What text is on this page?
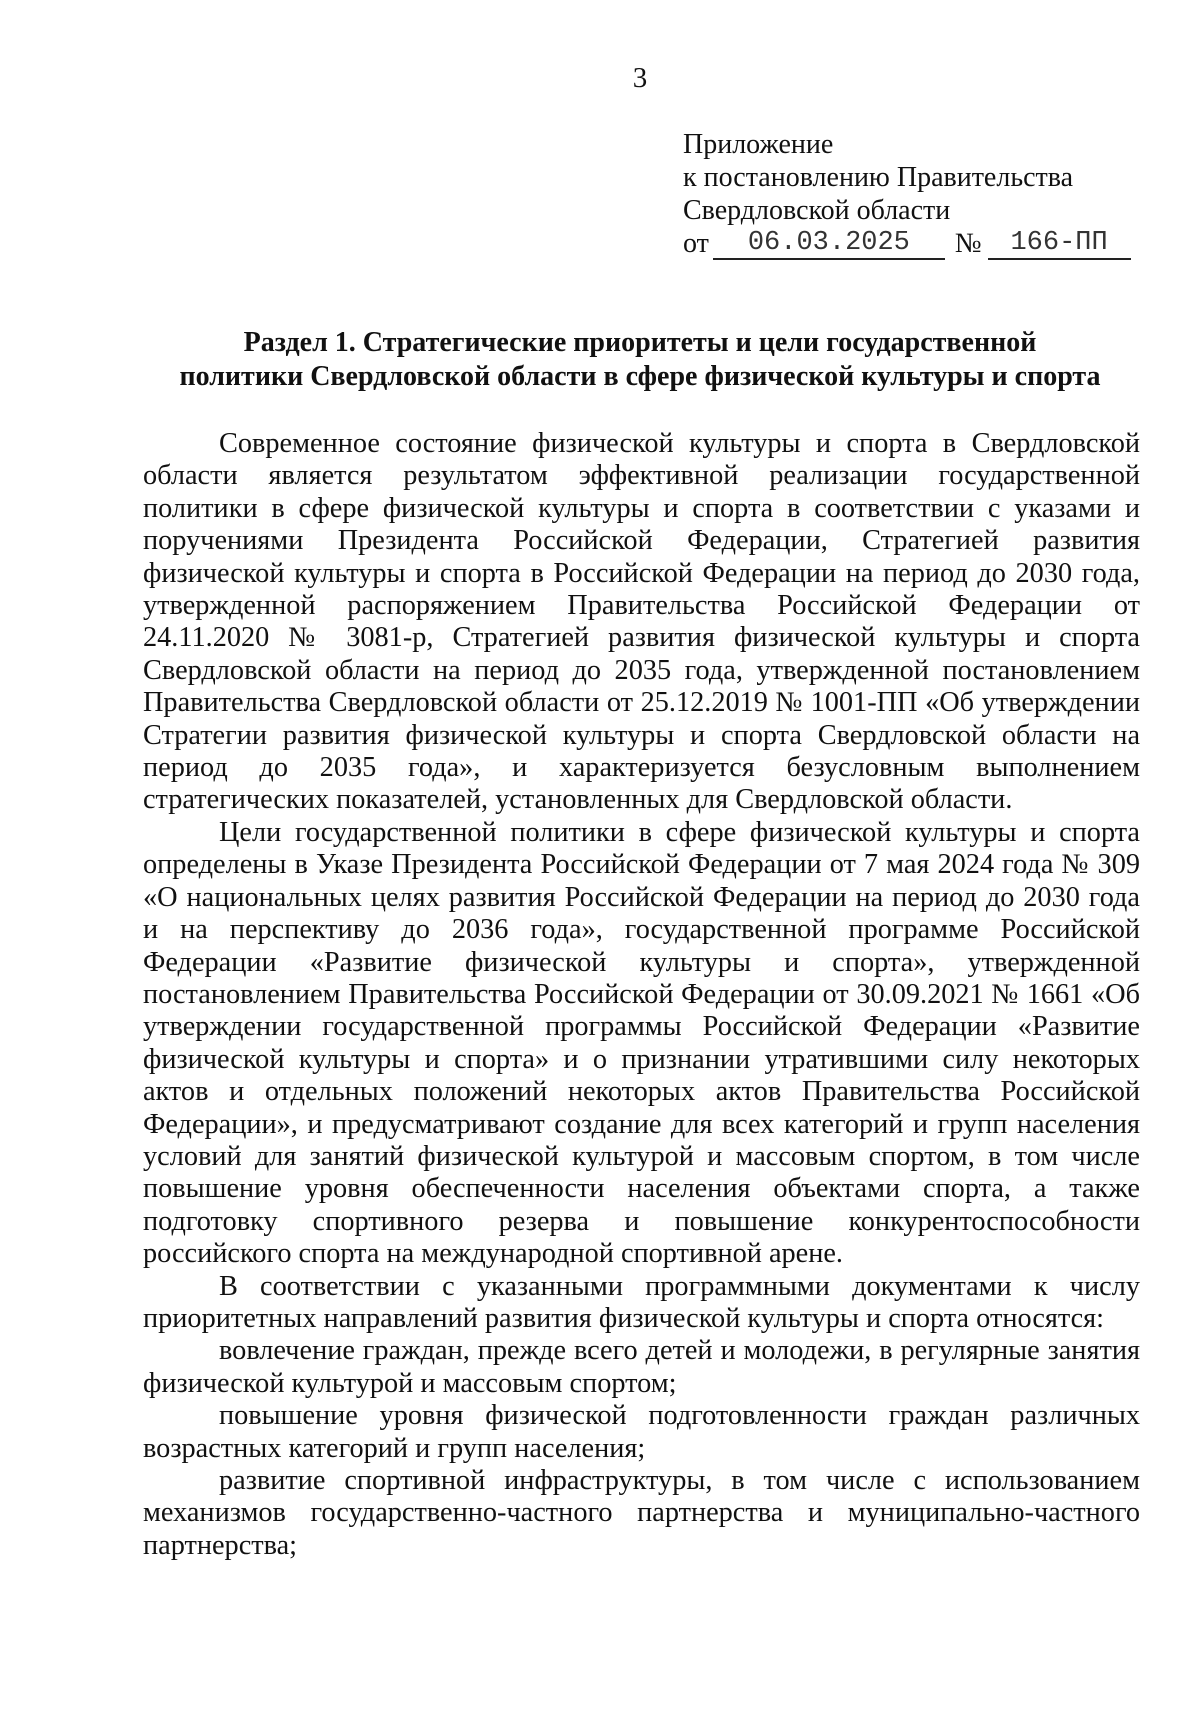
3
Приложение
к постановлению Правительства
Свердловской области
от 06.03.2025 № 166-ПП
Раздел 1. Стратегические приоритеты и цели государственной
политики Свердловской области в сфере физической культуры и спорта

Современное состояние физической культуры и спорта в Свердловской области является результатом эффективной реализации государственной политики в сфере физической культуры и спорта в соответствии с указами и поручениями Президента Российской Федерации, Стратегией развития физической культуры и спорта в Российской Федерации на период до 2030 года, утвержденной распоряжением Правительства Российской Федерации от 24.11.2020 № 3081-р, Стратегией развития физической культуры и спорта Свердловской области на период до 2035 года, утвержденной постановлением Правительства Свердловской области от 25.12.2019 № 1001-ПП «Об утверждении Стратегии развития физической культуры и спорта Свердловской области на период до 2035 года», и характеризуется безусловным выполнением стратегических показателей, установленных для Свердловской области.

Цели государственной политики в сфере физической культуры и спорта определены в Указе Президента Российской Федерации от 7 мая 2024 года № 309 «О национальных целях развития Российской Федерации на период до 2030 года и на перспективу до 2036 года», государственной программе Российской Федерации «Развитие физической культуры и спорта», утвержденной постановлением Правительства Российской Федерации от 30.09.2021 № 1661 «Об утверждении государственной программы Российской Федерации «Развитие физической культуры и спорта» и о признании утратившими силу некоторых актов и отдельных положений некоторых актов Правительства Российской Федерации», и предусматривают создание для всех категорий и групп населения условий для занятий физической культурой и массовым спортом, в том числе повышение уровня обеспеченности населения объектами спорта, а также подготовку спортивного резерва и повышение конкурентоспособности российского спорта на международной спортивной арене.

В соответствии с указанными программными документами к числу приоритетных направлений развития физической культуры и спорта относятся:

вовлечение граждан, прежде всего детей и молодежи, в регулярные занятия физической культурой и массовым спортом;

повышение уровня физической подготовленности граждан различных возрастных категорий и групп населения;

развитие спортивной инфраструктуры, в том числе с использованием механизмов государственно-частного партнерства и муниципально-частного партнерства;
